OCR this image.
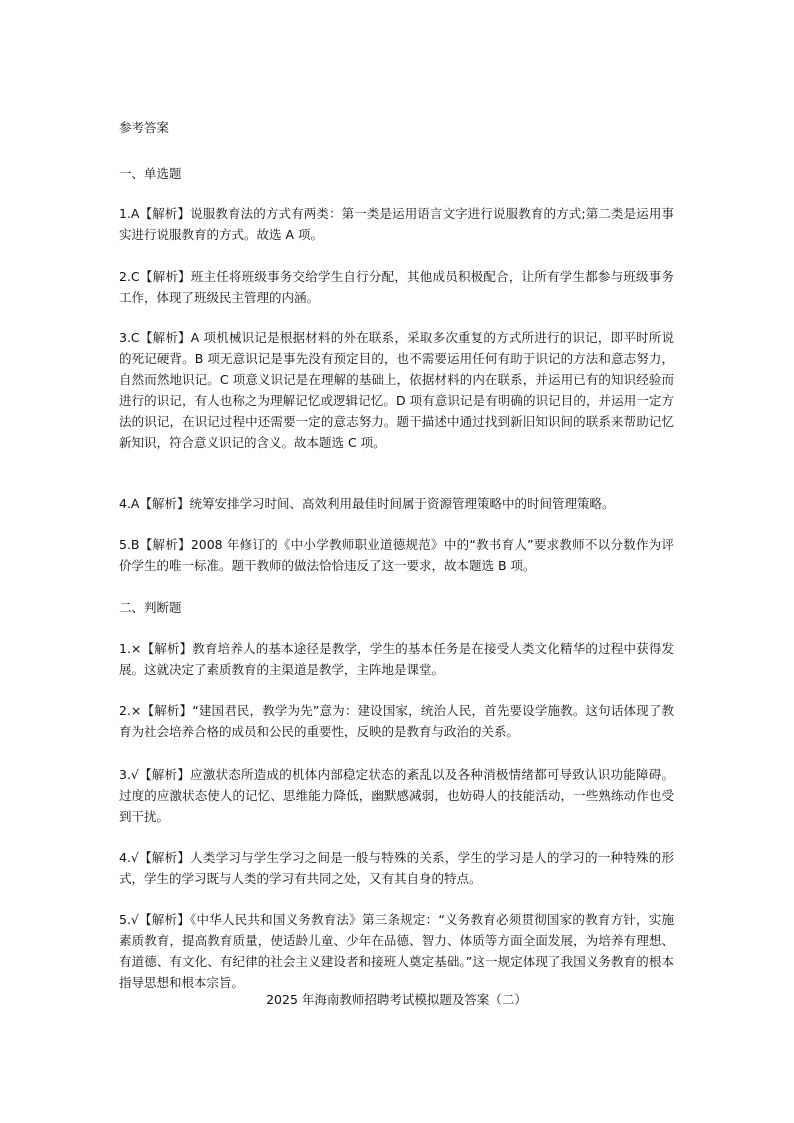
参考答案
一、单选题
1.A【解析】说服教育法的方式有两类：第一类是运用语言文字进行说服教育的方式;第二类是运用事实进行说服教育的方式。故选 A 项。
2.C【解析】班主任将班级事务交给学生自行分配，其他成员积极配合，让所有学生都参与班级事务工作，体现了班级民主管理的内涵。
3.C【解析】A 项机械识记是根据材料的外在联系，采取多次重复的方式所进行的识记，即平时所说的死记硬背。B 项无意识记是事先没有预定目的，也不需要运用任何有助于识记的方法和意志努力，自然而然地识记。C 项意义识记是在理解的基础上，依据材料的内在联系，并运用已有的知识经验而进行的识记，有人也称之为理解记忆或逻辑记忆。D 项有意识记是有明确的识记目的，并运用一定方法的识记，在识记过程中还需要一定的意志努力。题干描述中通过找到新旧知识间的联系来帮助记忆新知识，符合意义识记的含义。故本题选 C 项。
4.A【解析】统筹安排学习时间、高效利用最佳时间属于资源管理策略中的时间管理策略。
5.B【解析】2008 年修订的《中小学教师职业道德规范》中的“教书育人”要求教师不以分数作为评价学生的唯一标准。题干教师的做法恰恰违反了这一要求，故本题选 B 项。
二、判断题
1.×【解析】教育培养人的基本途径是教学，学生的基本任务是在接受人类文化精华的过程中获得发展。这就决定了素质教育的主渠道是教学，主阵地是课堂。
2.×【解析】“建国君民，教学为先”意为：建设国家，统治人民，首先要设学施教。这句话体现了教育为社会培养合格的成员和公民的重要性，反映的是教育与政治的关系。
3.√【解析】应激状态所造成的机体内部稳定状态的紊乱以及各种消极情绪都可导致认识功能障碍。过度的应激状态使人的记忆、思维能力降低，幽默感减弱，也妨碍人的技能活动，一些熟练动作也受到干扰。
4.√【解析】人类学习与学生学习之间是一般与特殊的关系，学生的学习是人的学习的一种特殊的形式，学生的学习既与人类的学习有共同之处，又有其自身的特点。
5.√【解析】《中华人民共和国义务教育法》第三条规定：“义务教育必须贯彻国家的教育方针，实施素质教育，提高教育质量，使适龄儿童、少年在品德、智力、体质等方面全面发展，为培养有理想、有道德、有文化、有纪律的社会主义建设者和接班人奠定基础。”这一规定体现了我国义务教育的根本指导思想和根本宗旨。
2025 年海南教师招聘考试模拟题及答案（二）
